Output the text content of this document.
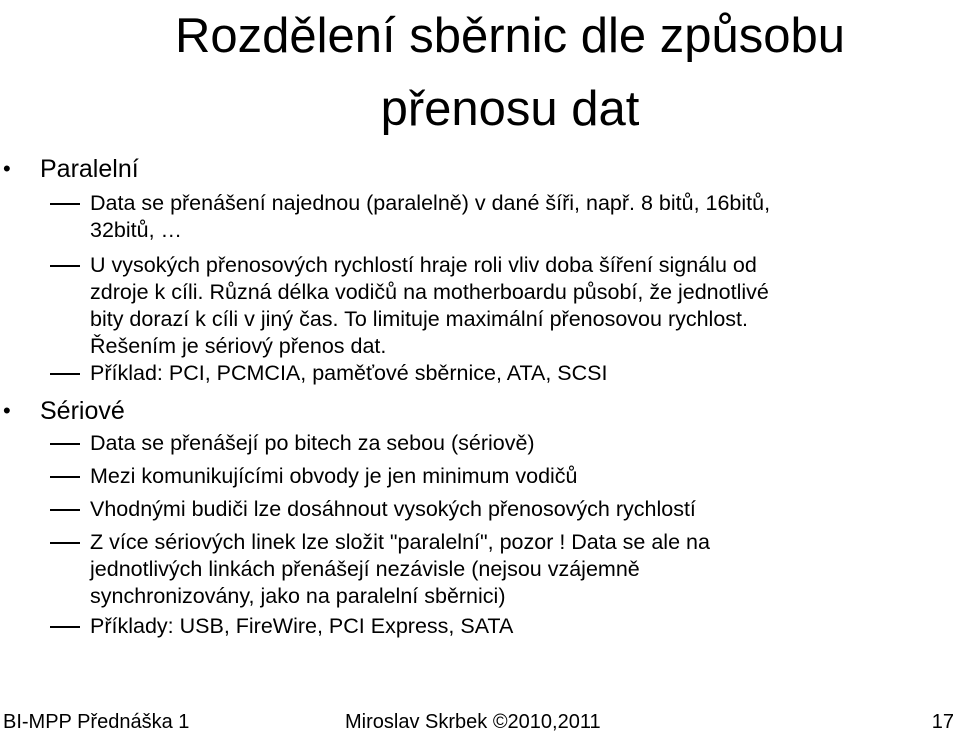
Rozdělení sběrnic dle způsobu
přenosu dat
• Paralelní
Data se přenášení najednou (paralelně) v dané šíři, např. 8 bitů, 16bitů,
32bitů, …
U vysokých přenosových rychlostí hraje roli vliv doba šíření signálu od
zdroje k cíli. Různá délka vodičů na motherboardu působí, že jednotlivé
bity dorazí k cíli v jiný čas. To limituje maximální přenosovou rychlost.
Řešením je sériový přenos dat.
Příklad: PCI, PCMCIA, paměťové sběrnice, ATA, SCSI
• Sériové
Data se přenášejí po bitech za sebou (sériově)
Mezi komunikujícími obvody je jen minimum vodičů
Vhodnými budiči lze dosáhnout vysokých přenosových rychlostí
Z více sériových linek lze složit "paralelní", pozor ! Data se ale na
jednotlivých linkách přenášejí nezávisle (nejsou vzájemně
synchronizovány, jako na paralelní sběrnici)
Příklady: USB, FireWire, PCI Express, SATA
BI-MPP Přednáška 1	Miroslav Skrbek ©2010,2011	17
